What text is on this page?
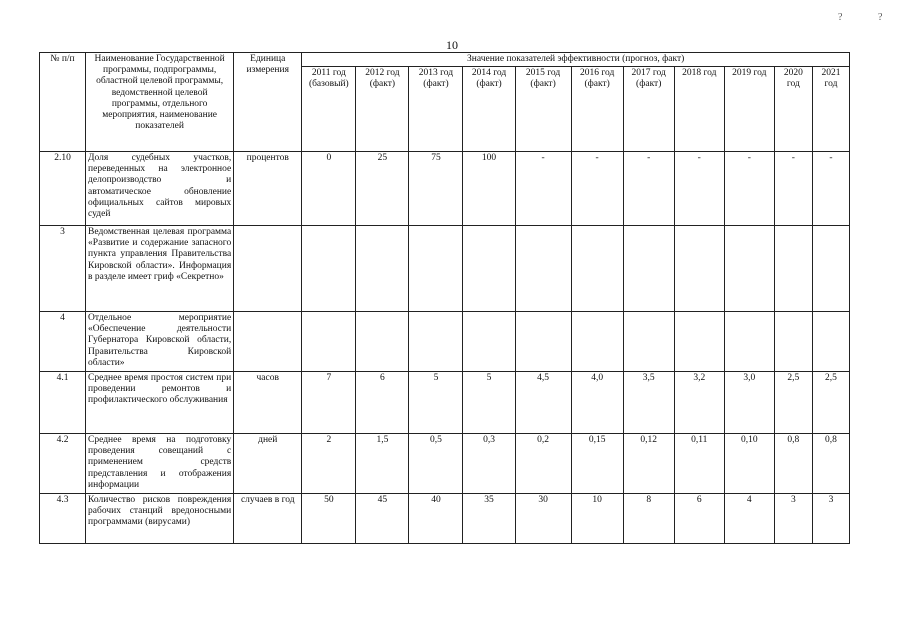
10
?	?
№ п/п	Наименование Государственной программы, подпрограммы, областной целевой программы, ведомственной целевой программы, отдельного мероприятия, наименование показателей	Единица измерения	Значение показателей эффективности (прогноз, факт)										
			2011 год (базовый)	2012 год (факт)	2013 год (факт)	2014 год (факт)	2015 год (факт)	2016 год (факт)	2017 год (факт)	2018 год	2019 год	2020 год	2021 год
2.10	Доля судебных участков, переведенных на электронное делопроизводство и автоматическое обновление официальных сайтов мировых судей	процентов	0	25	75	100	-	-	-	-	-	-	-
3	Ведомственная целевая программа «Развитие и содержание запасного пункта управления Правительства Кировской области». Информация в разделе имеет гриф «Секретно»												
4	Отдельное мероприятие «Обеспечение деятельности Губернатора Кировской области, Правительства Кировской области»												
4.1	Среднее время простоя систем при проведении ремонтов и профилактического обслуживания	часов	7	6	5	5	4,5	4,0	3,5	3,2	3,0	2,5	2,5
4.2	Среднее время на подготовку проведения совещаний с применением средств представления и отображения информации	дней	2	1,5	0,5	0,3	0,2	0,15	0,12	0,11	0,10	0,8	0,8
4.3	Количество рисков повреждения рабочих станций вредоносными программами (вирусами)	случаев в год	50	45	40	35	30	10	8	6	4	3	3
